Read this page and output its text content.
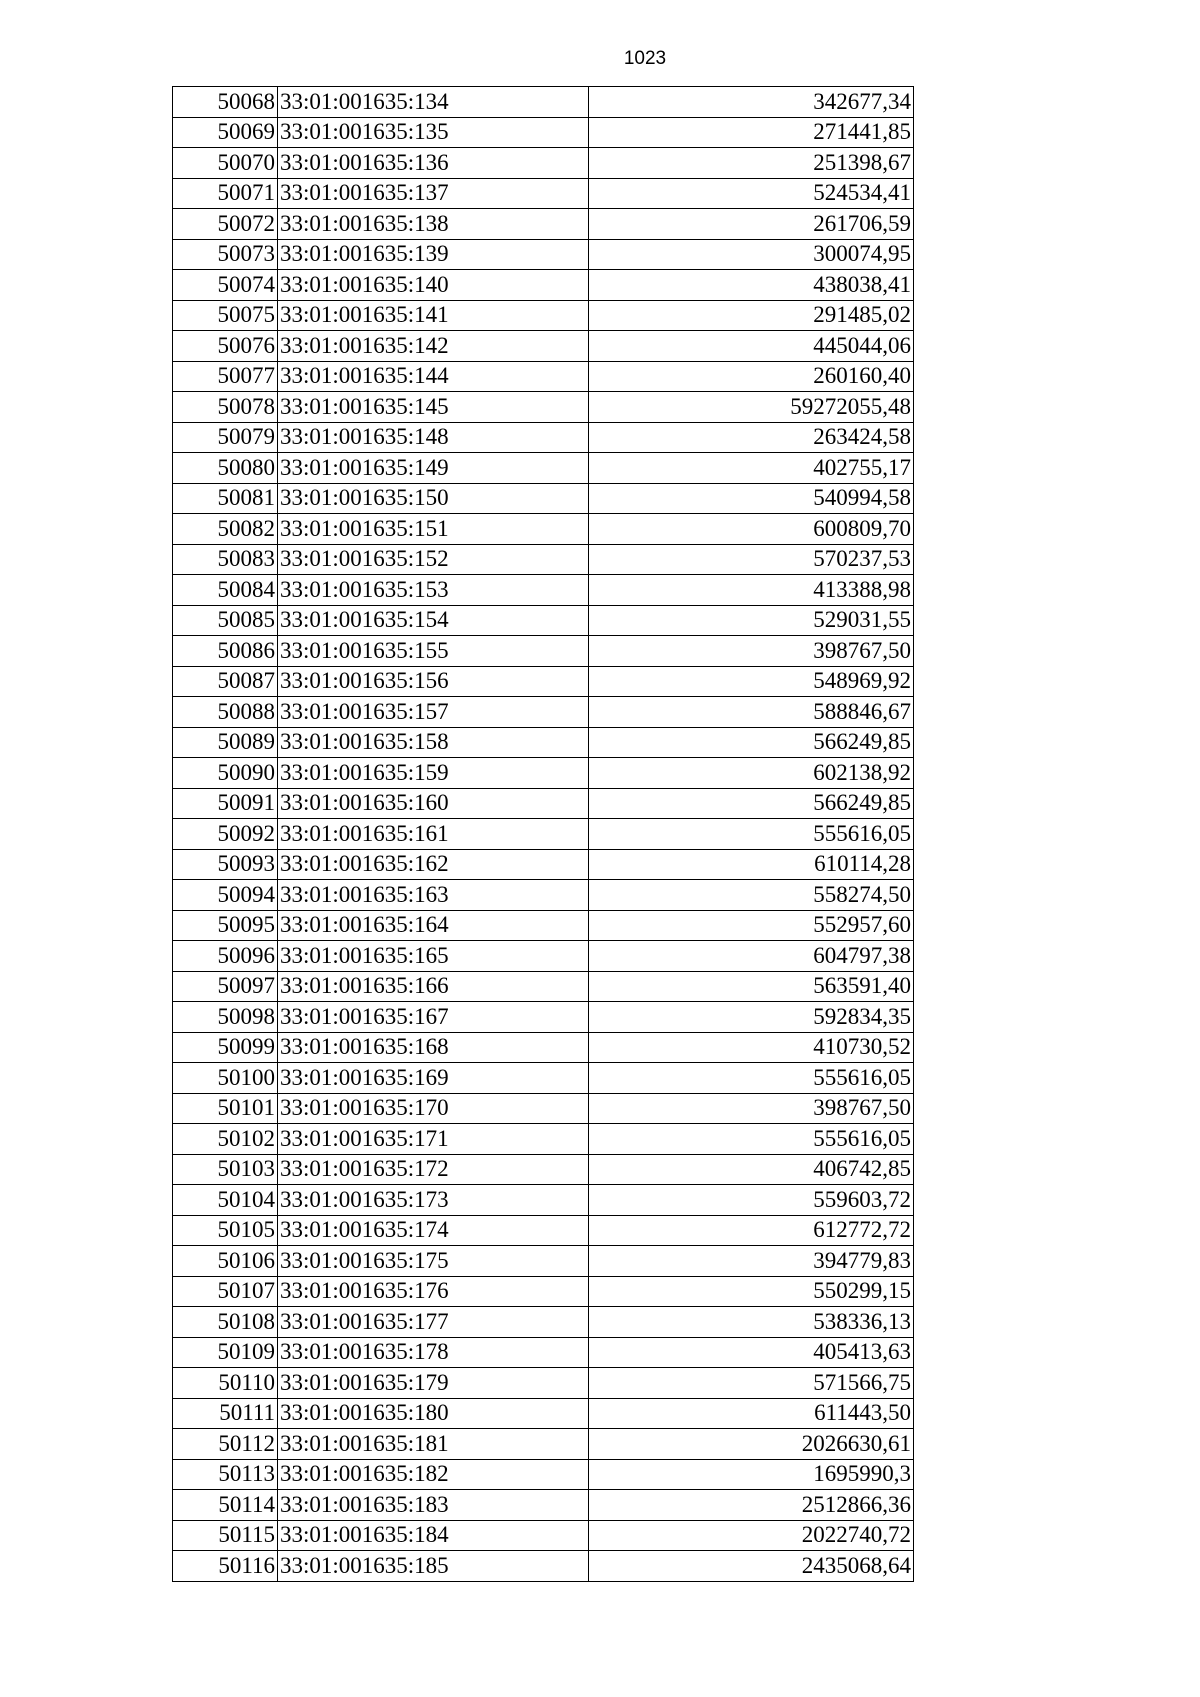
1023
50068	33:01:001635:134	342677,34
50069	33:01:001635:135	271441,85
50070	33:01:001635:136	251398,67
50071	33:01:001635:137	524534,41
50072	33:01:001635:138	261706,59
50073	33:01:001635:139	300074,95
50074	33:01:001635:140	438038,41
50075	33:01:001635:141	291485,02
50076	33:01:001635:142	445044,06
50077	33:01:001635:144	260160,40
50078	33:01:001635:145	59272055,48
50079	33:01:001635:148	263424,58
50080	33:01:001635:149	402755,17
50081	33:01:001635:150	540994,58
50082	33:01:001635:151	600809,70
50083	33:01:001635:152	570237,53
50084	33:01:001635:153	413388,98
50085	33:01:001635:154	529031,55
50086	33:01:001635:155	398767,50
50087	33:01:001635:156	548969,92
50088	33:01:001635:157	588846,67
50089	33:01:001635:158	566249,85
50090	33:01:001635:159	602138,92
50091	33:01:001635:160	566249,85
50092	33:01:001635:161	555616,05
50093	33:01:001635:162	610114,28
50094	33:01:001635:163	558274,50
50095	33:01:001635:164	552957,60
50096	33:01:001635:165	604797,38
50097	33:01:001635:166	563591,40
50098	33:01:001635:167	592834,35
50099	33:01:001635:168	410730,52
50100	33:01:001635:169	555616,05
50101	33:01:001635:170	398767,50
50102	33:01:001635:171	555616,05
50103	33:01:001635:172	406742,85
50104	33:01:001635:173	559603,72
50105	33:01:001635:174	612772,72
50106	33:01:001635:175	394779,83
50107	33:01:001635:176	550299,15
50108	33:01:001635:177	538336,13
50109	33:01:001635:178	405413,63
50110	33:01:001635:179	571566,75
50111	33:01:001635:180	611443,50
50112	33:01:001635:181	2026630,61
50113	33:01:001635:182	1695990,3
50114	33:01:001635:183	2512866,36
50115	33:01:001635:184	2022740,72
50116	33:01:001635:185	2435068,64
